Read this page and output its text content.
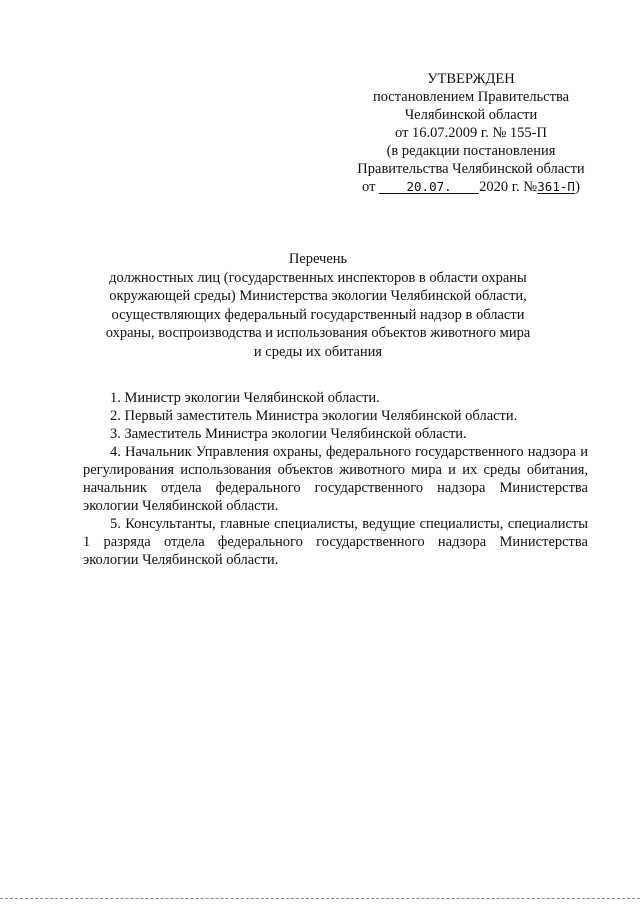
УТВЕРЖДЕН
постановлением Правительства
Челябинской области
от 16.07.2009 г. № 155-П
(в редакции постановления
Правительства Челябинской области
от 20.07. 2020 г. №361-П)
Перечень
должностных лиц (государственных инспекторов в области охраны
окружающей среды) Министерства экологии Челябинской области,
осуществляющих федеральный государственный надзор в области
охраны, воспроизводства и использования объектов животного мира
и среды их обитания
1. Министр экологии Челябинской области.
2. Первый заместитель Министра экологии Челябинской области.
3. Заместитель Министра экологии Челябинской области.
4. Начальник Управления охраны, федерального государственного надзора и регулирования использования объектов животного мира и их среды обитания, начальник отдела федерального государственного надзора Министерства экологии Челябинской области.
5. Консультанты, главные специалисты, ведущие специалисты, специалисты 1 разряда отдела федерального государственного надзора Министерства экологии Челябинской области.
